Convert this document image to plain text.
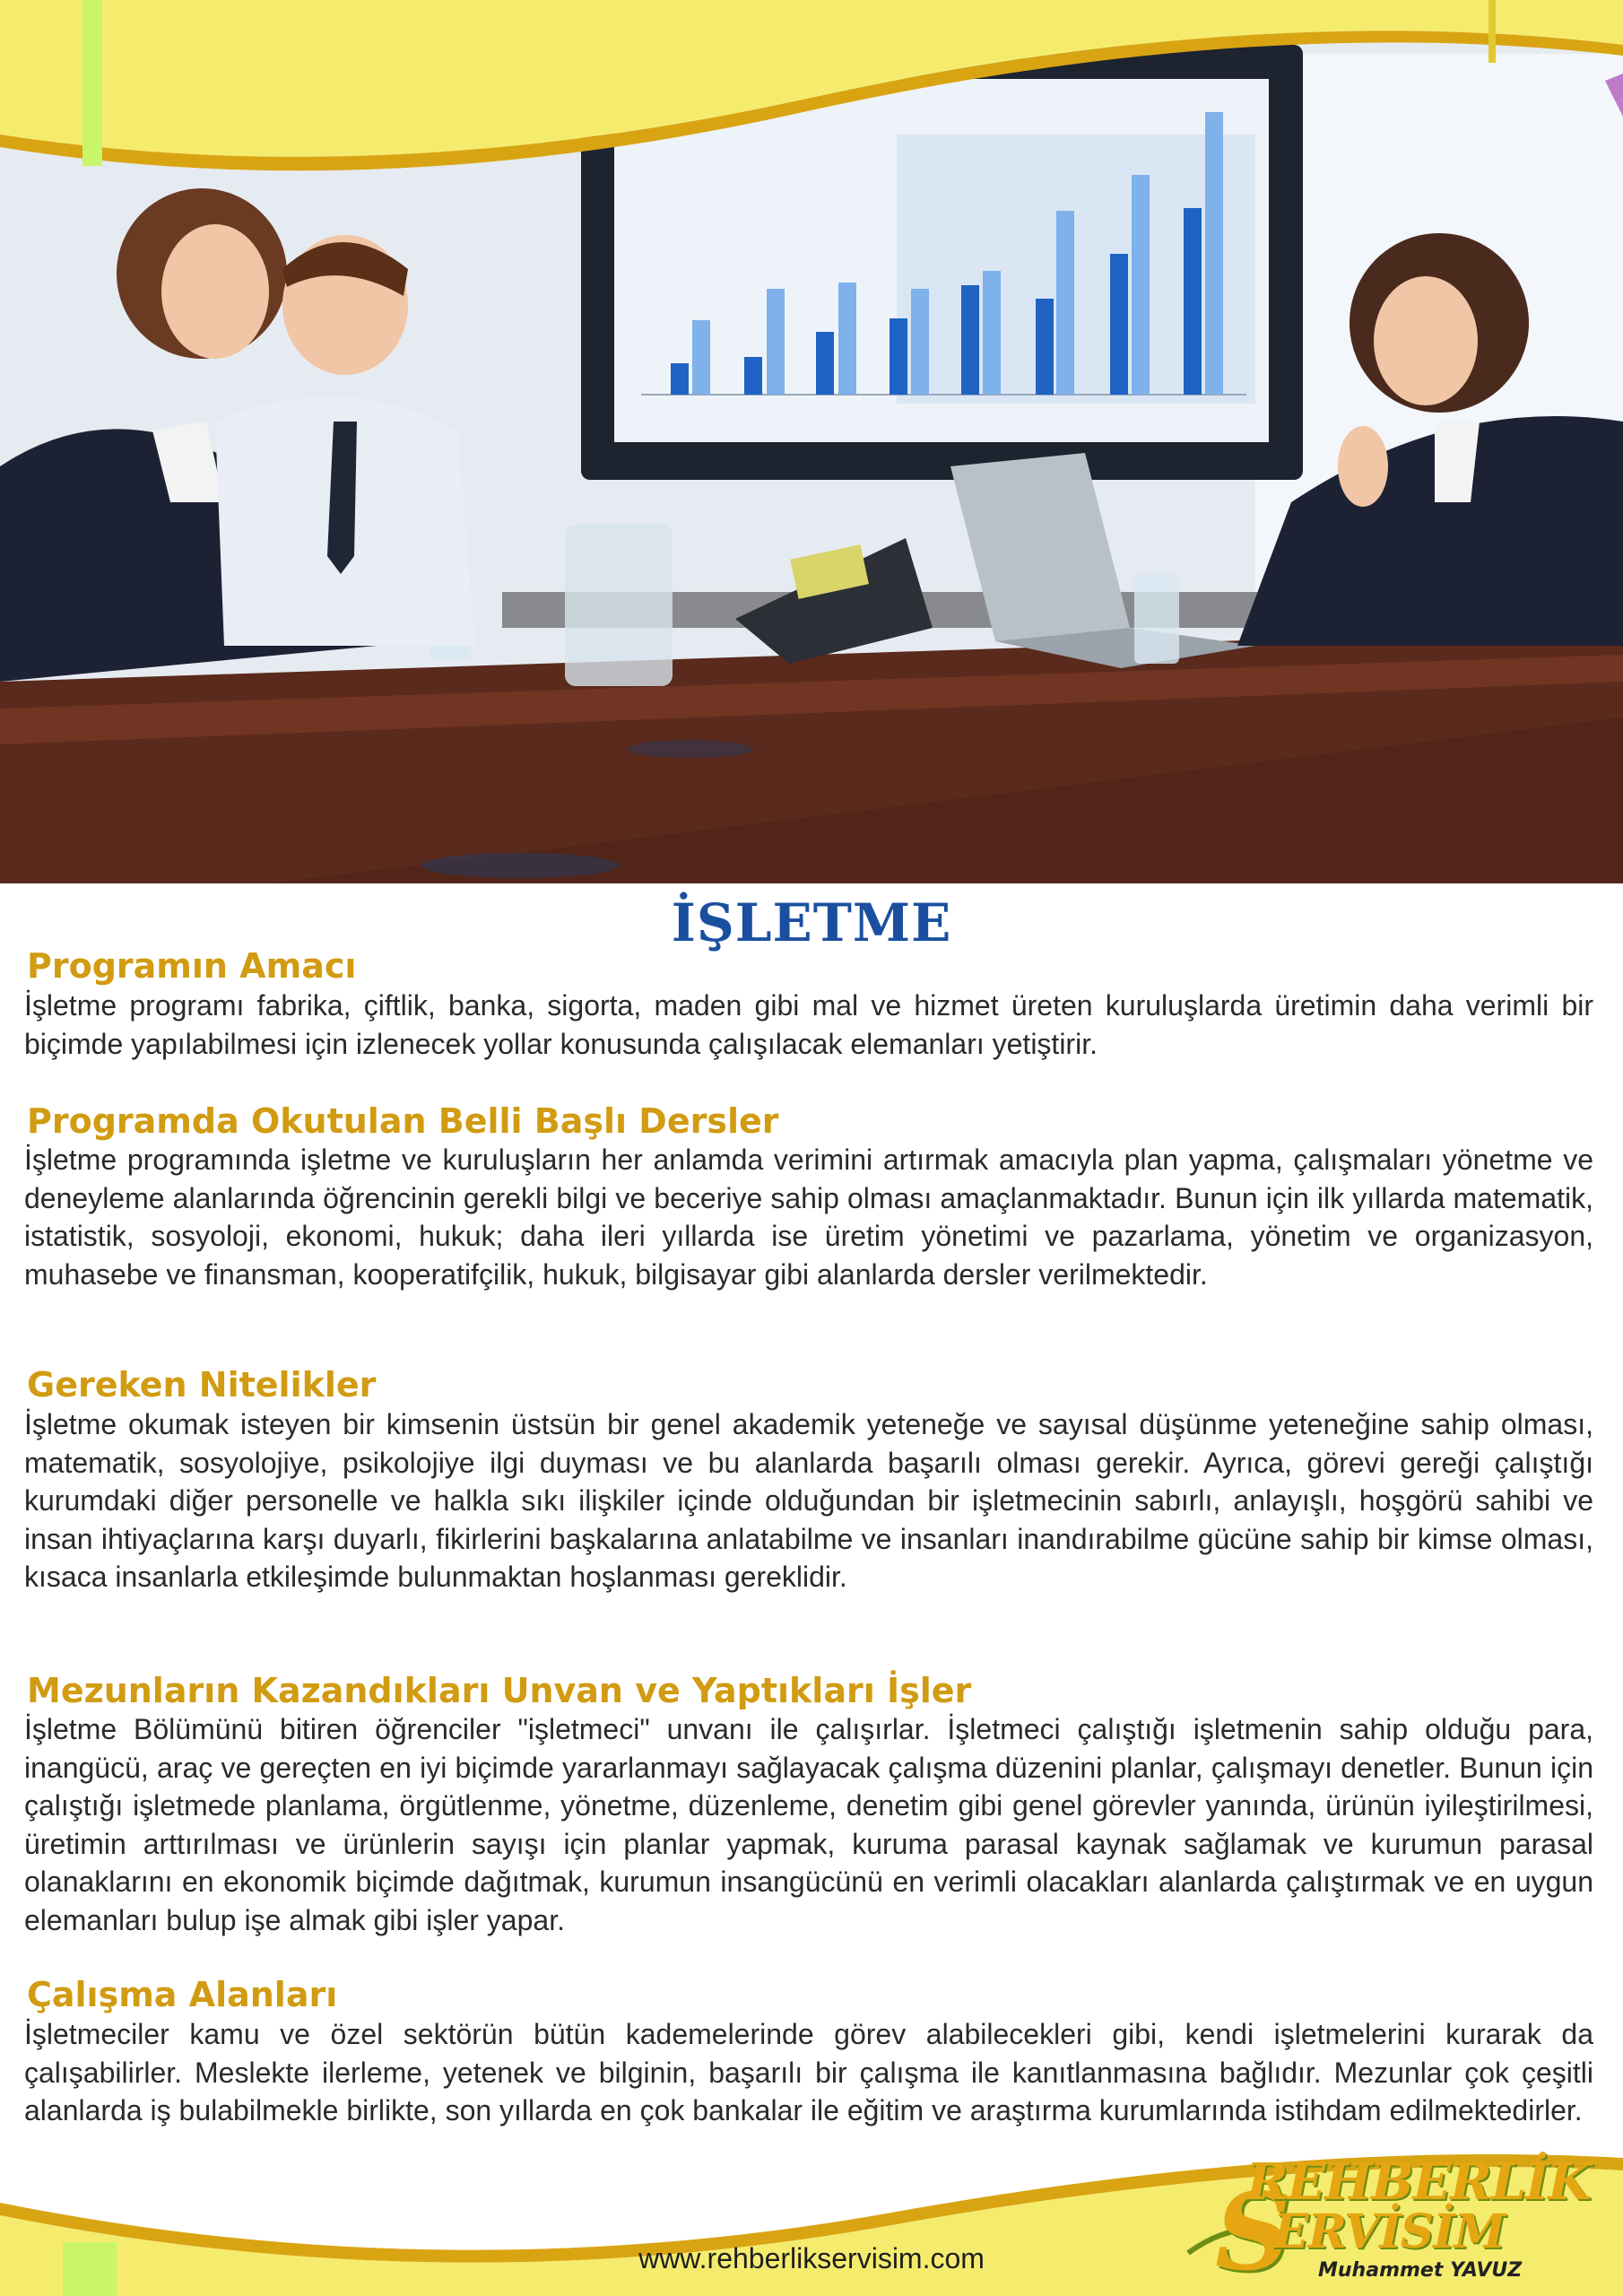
İŞLETME
Programın Amacı

İşletme programı fabrika, çiftlik, banka, sigorta, maden gibi mal ve hizmet üreten kuruluşlarda üretimin daha verimli bir biçimde yapılabilmesi için izlenecek yollar konusunda çalışılacak elemanları yetiştirir.

Programda Okutulan Belli Başlı Dersler

İşletme programında işletme ve kuruluşların her anlamda verimini artırmak amacıyla plan yapma, çalışmaları yönetme ve deneyleme alanlarında öğrencinin gerekli bilgi ve beceriye sahip olması amaçlanmaktadır. Bunun için ilk yıllarda matematik, istatistik, sosyoloji, ekonomi, hukuk; daha ileri yıllarda ise üretim yönetimi ve pazarlama, yönetim ve organizasyon, muhasebe ve finansman, kooperatifçilik, hukuk, bilgisayar gibi alanlarda dersler verilmektedir.

Gereken Nitelikler

İşletme okumak isteyen bir kimsenin üstsün bir genel akademik yeteneğe ve sayısal düşünme yeteneğine sahip olması, matematik, sosyolojiye, psikolojiye ilgi duyması ve bu alanlarda başarılı olması gerekir. Ayrıca, görevi gereği çalıştığı kurumdaki diğer personelle ve halkla sıkı ilişkiler içinde olduğundan bir işletmecinin sabırlı, anlayışlı, hoşgörü sahibi ve insan ihtiyaçlarına karşı duyarlı, fikirlerini başkalarına anlatabilme ve insanları inandırabilme gücüne sahip bir kimse olması, kısaca insanlarla etkileşimde bulunmaktan hoşlanması gereklidir.

Mezunların Kazandıkları Unvan ve Yaptıkları İşler

İşletme Bölümünü bitiren öğrenciler "işletmeci" unvanı ile çalışırlar. İşletmeci çalıştığı işletmenin sahip olduğu para, inangücü, araç ve gereçten en iyi biçimde yararlanmayı sağlayacak çalışma düzenini planlar, çalışmayı denetler. Bunun için çalıştığı işletmede planlama, örgütlenme, yönetme, düzenleme, denetim gibi genel görevler yanında, ürünün iyileştirilmesi, üretimin arttırılması ve ürünlerin sayışı için planlar yapmak, kuruma parasal kaynak sağlamak ve kurumun parasal olanaklarını en ekonomik biçimde dağıtmak, kurumun insangücünü en verimli olacakları alanlarda çalıştırmak ve en uygun elemanları bulup işe almak gibi işler yapar.

Çalışma Alanları

İşletmeciler kamu ve özel sektörün bütün kademelerinde görev alabilecekleri gibi, kendi işletmelerini kurarak da çalışabilirler. Meslekte ilerleme, yetenek ve bilginin, başarılı bir çalışma ile kanıtlanmasına bağlıdır. Mezunlar çok çeşitli alanlarda iş bulabilmekle birlikte, son yıllarda en çok bankalar ile eğitim ve araştırma kurumlarında istihdam edilmektedirler.

www.rehberlikservisim.com	S
REHBERLİK
ERVİSİM
Muhammet YAVUZ
